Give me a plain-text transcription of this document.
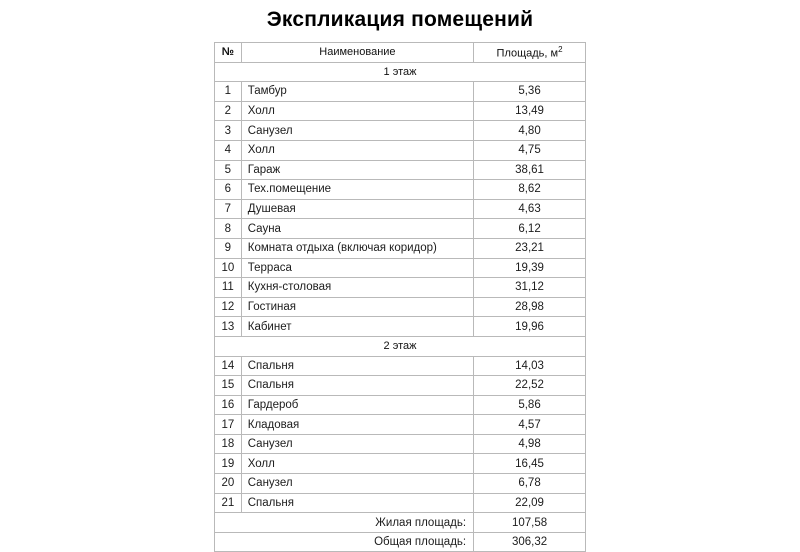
Экспликация помещений
№	Наименование	Площадь, $м^2$
1 этаж		
1	Тамбур	5,36
2	Холл	13,49
3	Санузел	4,80
4	Холл	4,75
5	Гараж	38,61
6	Тех.помещение	8,62
7	Душевая	4,63
8	Сауна	6,12
9	Комната отдыха (включая коридор)	23,21
10	Терраса	19,39
11	Кухня-столовая	31,12
12	Гостиная	28,98
13	Кабинет	19,96
2 этаж		
14	Спальня	14,03
15	Спальня	22,52
16	Гардероб	5,86
17	Кладовая	4,57
18	Санузел	4,98
19	Холл	16,45
20	Санузел	6,78
21	Спальня	22,09
Жилая площадь:		107,58
Общая площадь:		306,32
